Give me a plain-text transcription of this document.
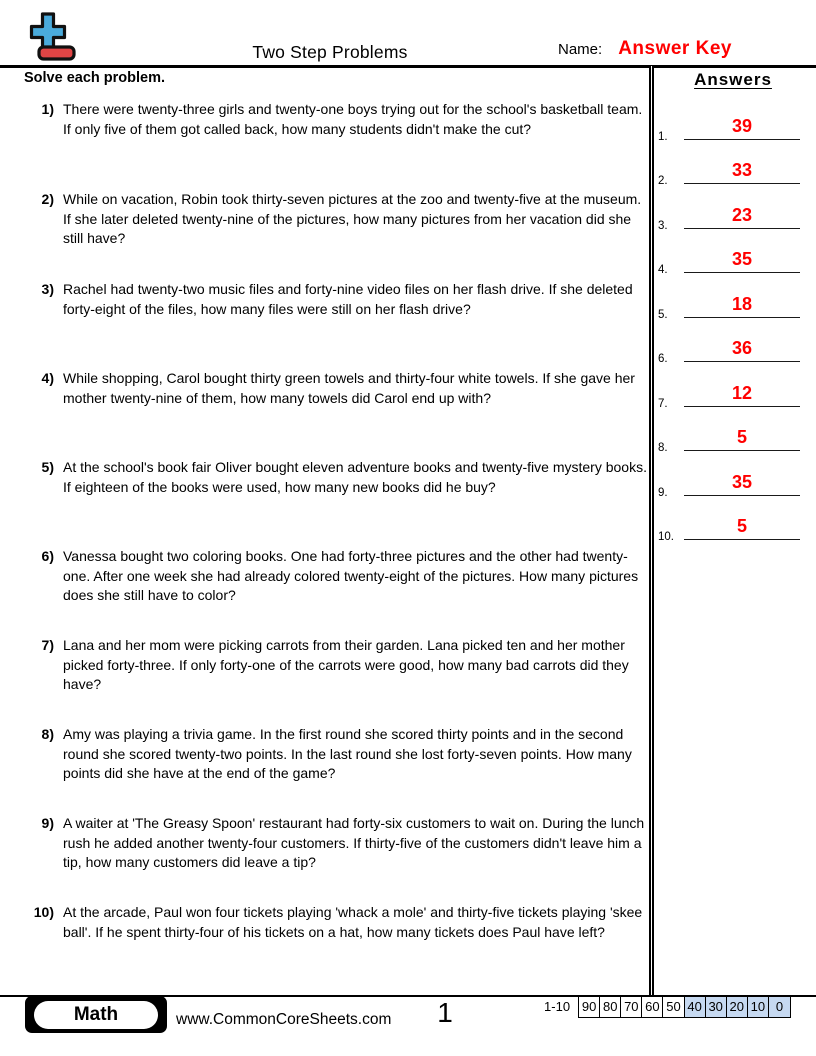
Two Step Problems	Name: Answer Key
Solve each problem.
1) There were twenty-three girls and twenty-one boys trying out for the school's basketball team. If only five of them got called back, how many students didn't make the cut?
2) While on vacation, Robin took thirty-seven pictures at the zoo and twenty-five at the museum. If she later deleted twenty-nine of the pictures, how many pictures from her vacation did she still have?
3) Rachel had twenty-two music files and forty-nine video files on her flash drive. If she deleted forty-eight of the files, how many files were still on her flash drive?
4) While shopping, Carol bought thirty green towels and thirty-four white towels. If she gave her mother twenty-nine of them, how many towels did Carol end up with?
5) At the school's book fair Oliver bought eleven adventure books and twenty-five mystery books. If eighteen of the books were used, how many new books did he buy?
6) Vanessa bought two coloring books. One had forty-three pictures and the other had twenty-one. After one week she had already colored twenty-eight of the pictures. How many pictures does she still have to color?
7) Lana and her mom were picking carrots from their garden. Lana picked ten and her mother picked forty-three. If only forty-one of the carrots were good, how many bad carrots did they have?
8) Amy was playing a trivia game. In the first round she scored thirty points and in the second round she scored twenty-two points. In the last round she lost forty-seven points. How many points did she have at the end of the game?
9) A waiter at 'The Greasy Spoon' restaurant had forty-six customers to wait on. During the lunch rush he added another twenty-four customers. If thirty-five of the customers didn't leave him a tip, how many customers did leave a tip?
10) At the arcade, Paul won four tickets playing 'whack a mole' and thirty-five tickets playing 'skee ball'. If he spent thirty-four of his tickets on a hat, how many tickets does Paul have left?
Answers
1.
39
2.
33
3.
23
4.
35
5.
18
6.
36
7.
12
8.
5
9.
35
10.
5
Math	www.CommonCoreSheets.com	1	1-10 90 80 70 60 50 40 30 20 10 0
